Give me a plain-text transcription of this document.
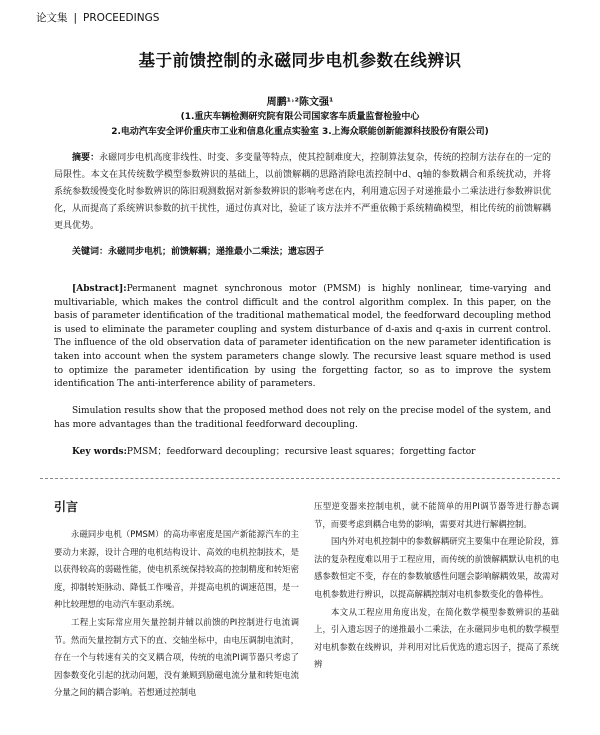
论文集 | PROCEEDINGS
基于前馈控制的永磁同步电机参数在线辨识
周鹏¹˒²陈文强¹
(1.重庆车辆检测研究院有限公司国家客车质量监督检验中心
2.电动汽车安全评价重庆市工业和信息化重点实验室 3.上海众联能创新能源科技股份有限公司)
摘要：永磁同步电机高度非线性、时变、多变量等特点，使其控制难度大，控制算法复杂，传统的控制方法存在的一定的局限性。本文在其传统数学模型参数辨识的基础上，以前馈解耦的思路消除电流控制中d、q轴的参数耦合和系统扰动，并将系统参数缓慢变化时参数辨识的陈旧观测数据对新参数辨识的影响考虑在内，利用遗忘因子对递推最小二乘法进行参数辨识优化，从而提高了系统辨识参数的抗干扰性，通过仿真对比，验证了该方法并不严重依赖于系统精确模型，相比传统的前馈解耦更具优势。
关键词：永磁同步电机；前馈解耦；递推最小二乘法；遗忘因子
[Abstract]:Permanent magnet synchronous motor (PMSM) is highly nonlinear, time-varying and multivariable, which makes the control difficult and the control algorithm complex. In this paper, on the basis of parameter identification of the traditional mathematical model, the feedforward decoupling method is used to eliminate the parameter coupling and system disturbance of d-axis and q-axis in current control. The influence of the old observation data of parameter identification on the new parameter identification is taken into account when the system parameters change slowly. The recursive least square method is used to optimize the parameter identification by using the forgetting factor, so as to improve the system identification The anti-interference ability of parameters.
Simulation results show that the proposed method does not rely on the precise model of the system, and has more advantages than the traditional feedforward decoupling.
Key words:PMSM；feedforward decoupling；recursive least squares；forgetting factor
引言

永磁同步电机（PMSM）的高功率密度是国产新能源汽车的主要动力来源，设计合理的电机结构设计、高效的电机控制技术，是以获得较高的弱磁性能，使电机系统保持较高的控制精度和转矩密度，抑制转矩脉动、降低工作噪音，并提高电机的调速范围，是一种比较理想的电动汽车驱动系统。

工程上实际常应用矢量控制并辅以前馈的PI控制进行电流调节。然而矢量控制方式下的直、交轴坐标中，由电压调制电流时，存在一个与转速有关的交叉耦合项，传统的电流PI调节器只考虑了因参数变化引起的扰动问题，没有兼顾到励磁电流分量和转矩电流分量之间的耦合影响。若想通过控制电

压型逆变器来控制电机，就不能简单的用PI调节器等进行静态调节，而要考虑到耦合电势的影响，需要对其进行解耦控制。

国内外对电机控制中的参数解耦研究主要集中在理论阶段，算法的复杂程度难以用于工程应用，而传统的前馈解耦默认电机的电感参数恒定不变，存在的参数敏感性问题会影响解耦效果，故需对电机参数进行辨识，以提高解耦控制对电机参数变化的鲁棒性。

本文从工程应用角度出发，在简化数学模型参数辨识的基础上，引入遗忘因子的递推最小二乘法，在永磁同步电机的数学模型对电机参数在线辨识，并利用对比后优选的遗忘因子，提高了系统辨
